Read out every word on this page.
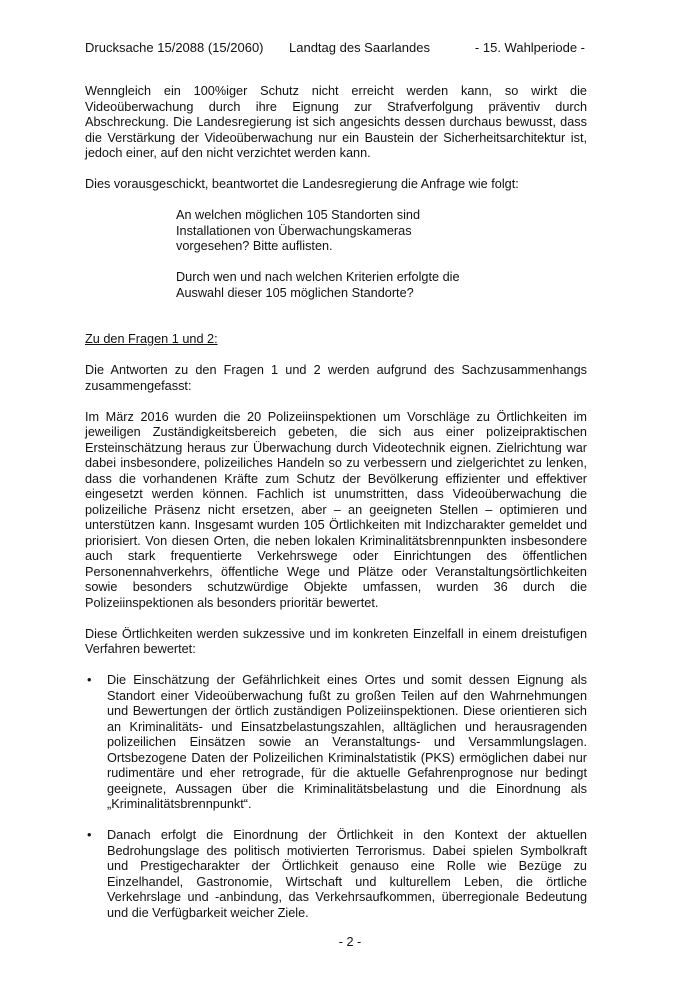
Drucksache 15/2088 (15/2060) Landtag des Saarlandes	- 15. Wahlperiode -

Wenngleich ein 100%iger Schutz nicht erreicht werden kann, so wirkt die Videoüberwachung durch ihre Eignung zur Strafverfolgung präventiv durch Abschreckung. Die Landesregierung ist sich angesichts dessen durchaus bewusst, dass die Verstärkung der Videoüberwachung nur ein Baustein der Sicherheitsarchitektur ist, jedoch einer, auf den nicht verzichtet werden kann.

Dies vorausgeschickt, beantwortet die Landesregierung die Anfrage wie folgt:

An welchen möglichen 105 Standorten sind Installationen von Überwachungskameras vorgesehen? Bitte auflisten.

Durch wen und nach welchen Kriterien erfolgte die Auswahl dieser 105 möglichen Standorte?

Zu den Fragen 1 und 2:

Die Antworten zu den Fragen 1 und 2 werden aufgrund des Sachzusammenhangs zusammengefasst:

Im März 2016 wurden die 20 Polizeiinspektionen um Vorschläge zu Örtlichkeiten im jeweiligen Zuständigkeitsbereich gebeten, die sich aus einer polizeipraktischen Ersteinschätzung heraus zur Überwachung durch Videotechnik eignen. Zielrichtung war dabei insbesondere, polizeiliches Handeln so zu verbessern und zielgerichtet zu lenken, dass die vorhandenen Kräfte zum Schutz der Bevölkerung effizienter und effektiver eingesetzt werden können. Fachlich ist unumstritten, dass Videoüberwachung die polizeiliche Präsenz nicht ersetzen, aber – an geeigneten Stellen – optimieren und unterstützen kann. Insgesamt wurden 105 Örtlichkeiten mit Indizcharakter gemeldet und priorisiert. Von diesen Orten, die neben lokalen Kriminalitätsbrennpunkten insbesondere auch stark frequentierte Verkehrswege oder Einrichtungen des öffentlichen Personennahverkehrs, öffentliche Wege und Plätze oder Veranstaltungsörtlichkeiten sowie besonders schutzwürdige Objekte umfassen, wurden 36 durch die Polizeiinspektionen als besonders prioritär bewertet.

Diese Örtlichkeiten werden sukzessive und im konkreten Einzelfall in einem dreistufigen Verfahren bewertet:

• Die Einschätzung der Gefährlichkeit eines Ortes und somit dessen Eignung als Standort einer Videoüberwachung fußt zu großen Teilen auf den Wahrnehmungen und Bewertungen der örtlich zuständigen Polizeiinspektionen. Diese orientieren sich an Kriminalitäts- und Einsatzbelastungszahlen, alltäglichen und herausragenden polizeilichen Einsätzen sowie an Veranstaltungs- und Versammlungslagen. Ortsbezogene Daten der Polizeilichen Kriminalstatistik (PKS) ermöglichen dabei nur rudimentäre und eher retrograde, für die aktuelle Gefahrenprognose nur bedingt geeignete, Aussagen über die Kriminalitätsbelastung und die Einordnung als „Kriminalitätsbrennpunkt“.
• Danach erfolgt die Einordnung der Örtlichkeit in den Kontext der aktuellen Bedrohungslage des politisch motivierten Terrorismus. Dabei spielen Symbolkraft und Prestigecharakter der Örtlichkeit genauso eine Rolle wie Bezüge zu Einzelhandel, Gastronomie, Wirtschaft und kulturellem Leben, die örtliche Verkehrslage und -anbindung, das Verkehrsaufkommen, überregionale Bedeutung und die Verfügbarkeit weicher Ziele.
- 2 -
